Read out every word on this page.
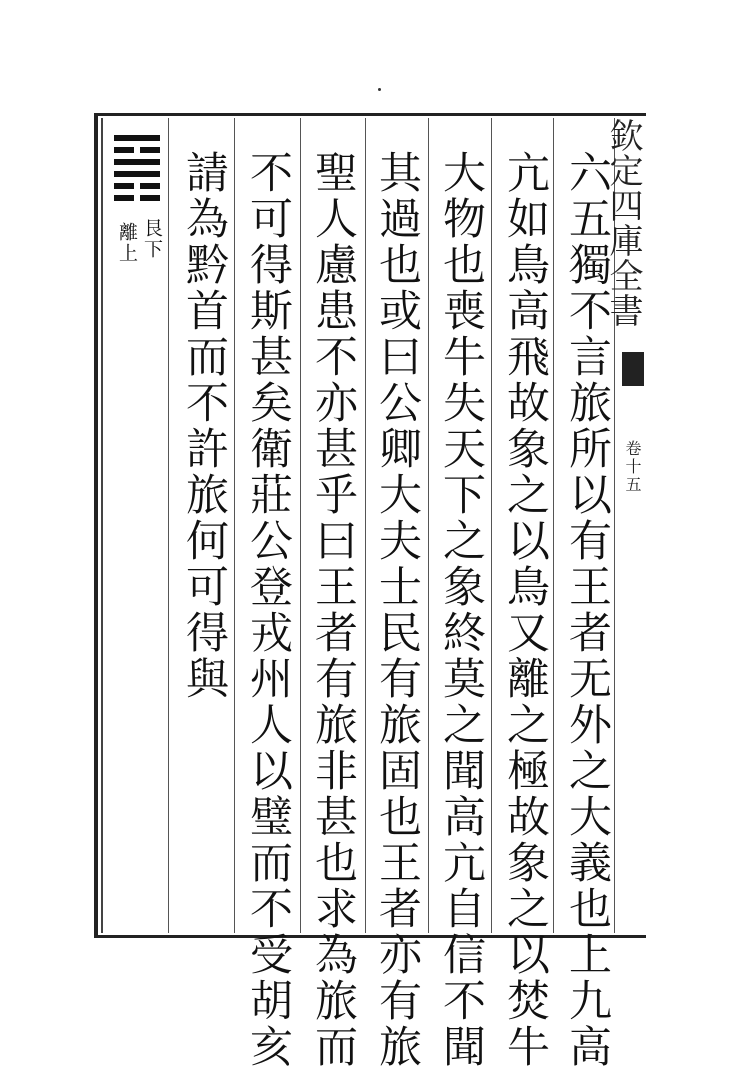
艮下
離上	六五獨不言旅所以有王者无外之大義也上九高
亢如鳥高飛故象之以鳥又離之極故象之以焚牛
大物也喪牛失天下之象終莫之聞高亢自信不聞
其過也或曰公卿大夫士民有旅固也王者亦有旅
聖人慮患不亦甚乎曰王者有旅非甚也求為旅而
不可得斯甚矣衛莊公登戎州人以璧而不受胡亥
請為黔首而不許旅何可得與	欽定四庫全書
卷十五
